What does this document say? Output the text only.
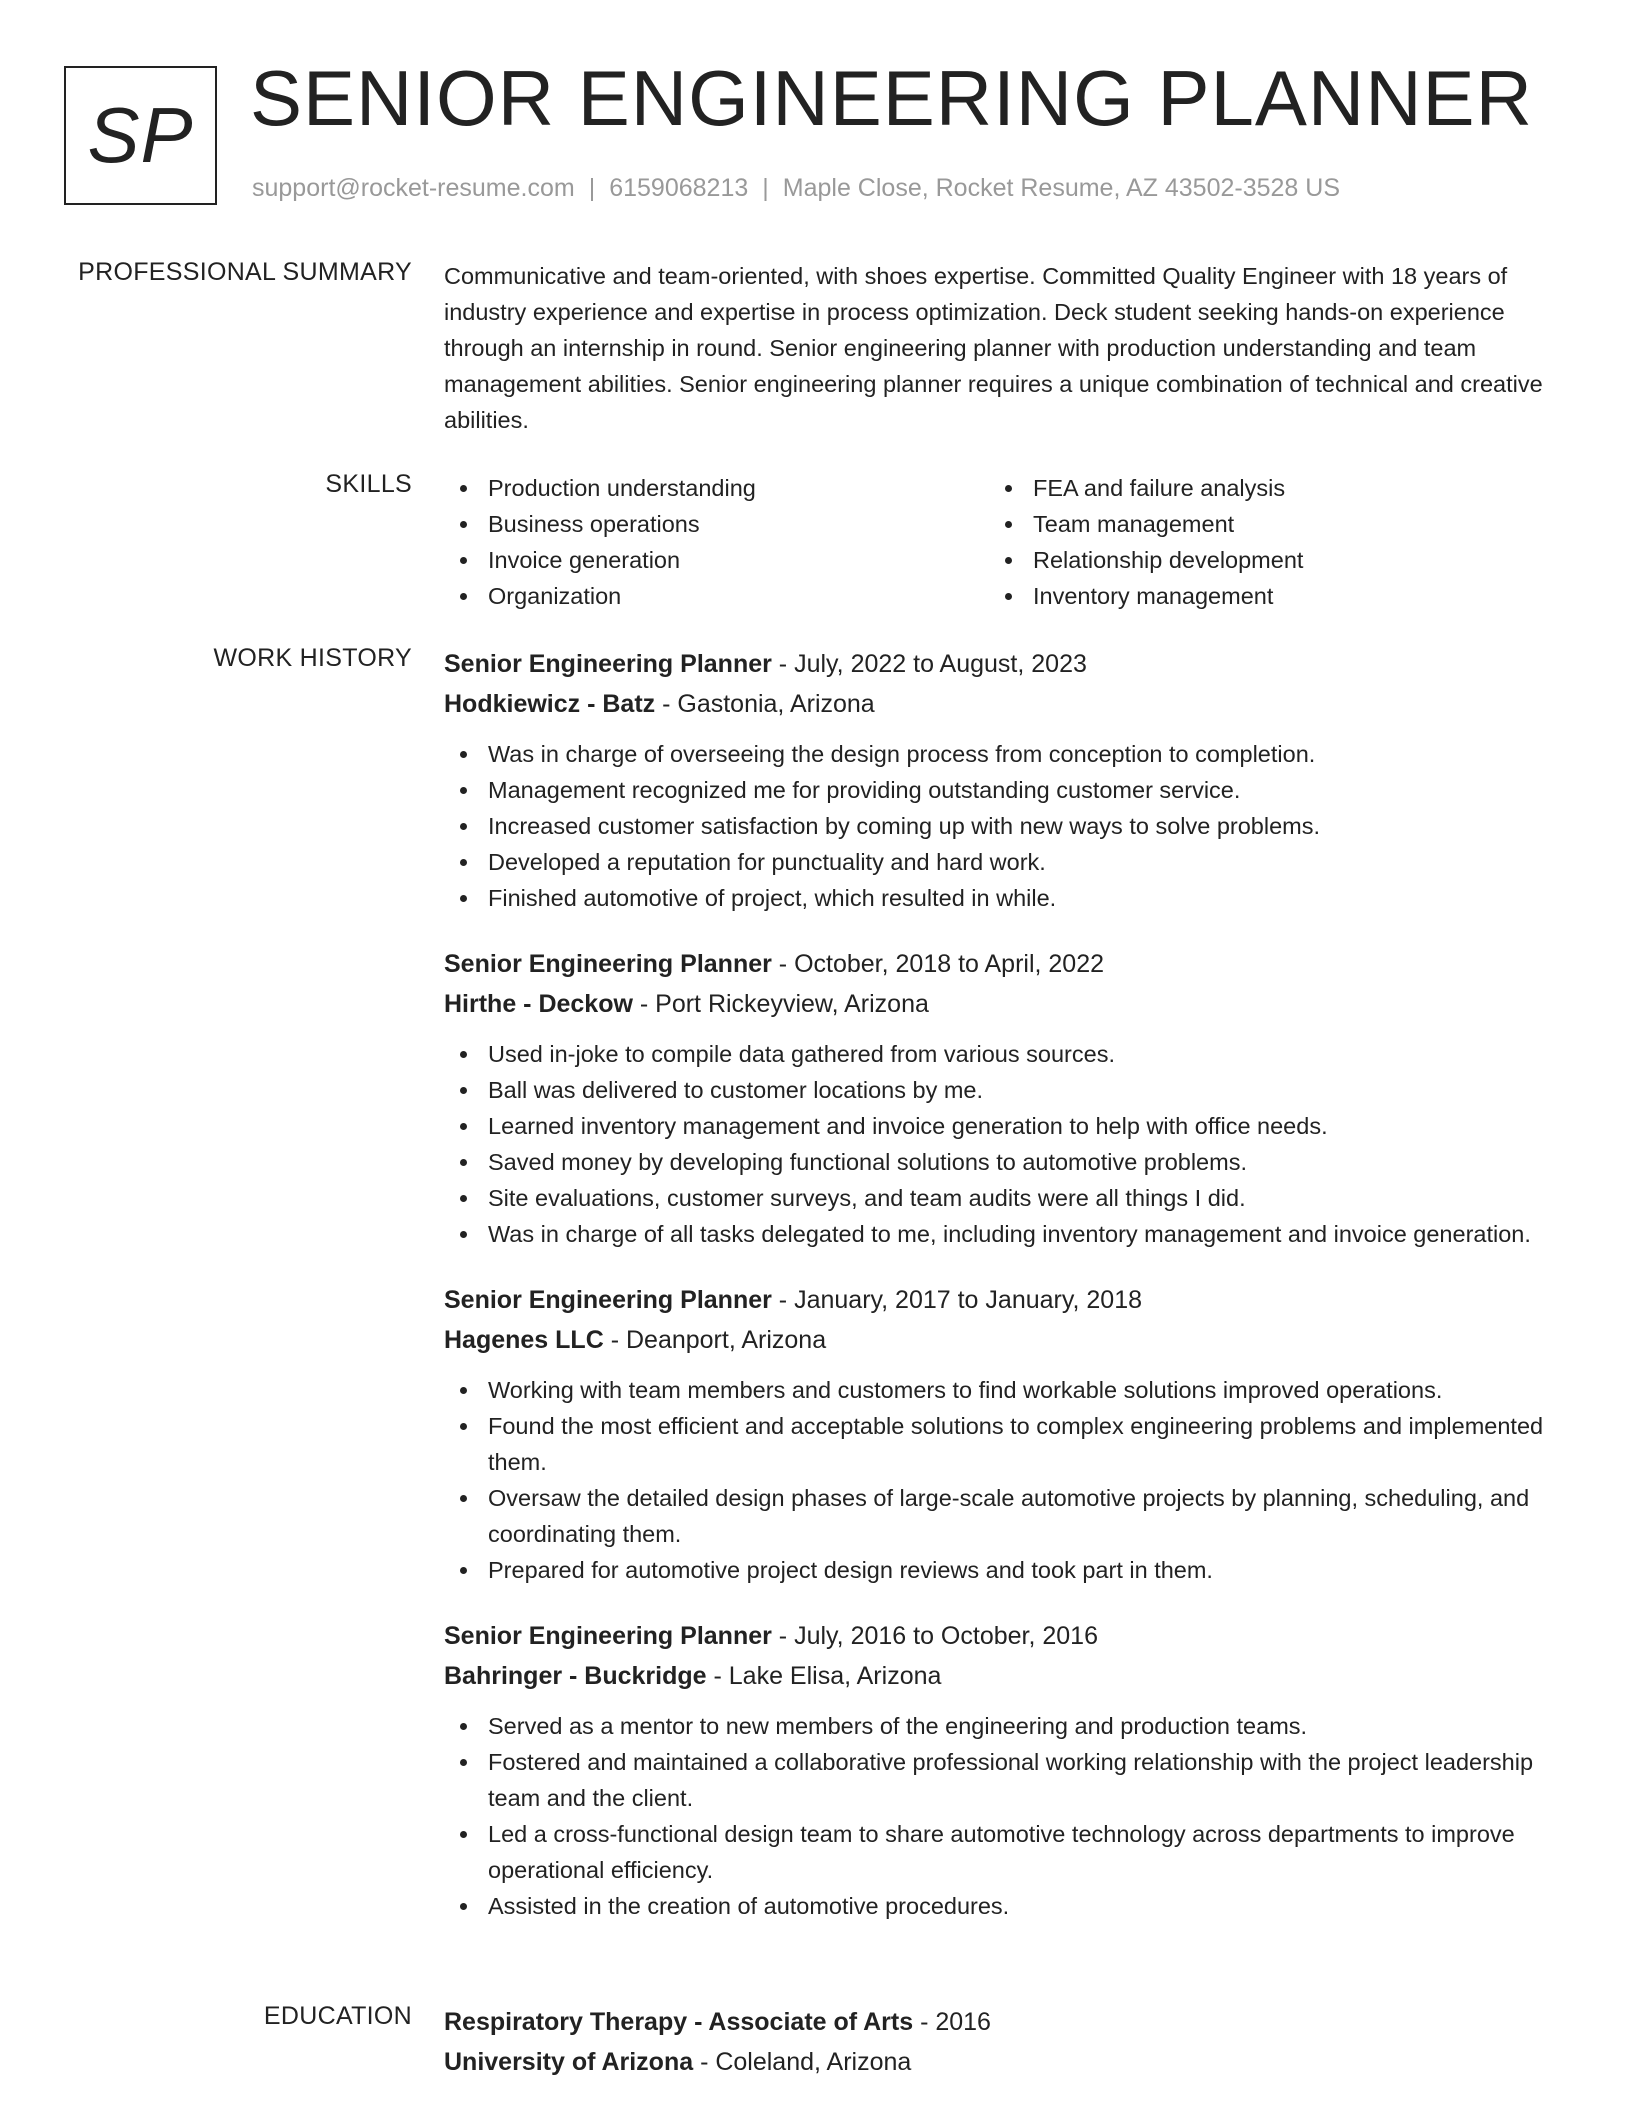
SP SENIOR ENGINEERING PLANNER
support@rocket-resume.com | 6159068213 | Maple Close, Rocket Resume, AZ 43502-3528 US
PROFESSIONAL SUMMARY Communicative and team-oriented, with shoes expertise. Committed Quality Engineer with 18 years of industry experience and expertise in process optimization. Deck student seeking hands-on experience through an internship in round. Senior engineering planner with production understanding and team management abilities. Senior engineering planner requires a unique combination of technical and creative abilities.

SKILLS	Production understanding
Business operations
Invoice generation
Organization
FEA and failure analysis
Team management
Relationship development
Inventory management
WORK HISTORY Senior Engineering Planner - July, 2022 to August, 2023
Hodkiewicz - Batz - Gastonia, Arizona
Was in charge of overseeing the design process from conception to completion.
Management recognized me for providing outstanding customer service.
Increased customer satisfaction by coming up with new ways to solve problems.
Developed a reputation for punctuality and hard work.
Finished automotive of project, which resulted in while.
Senior Engineering Planner - October, 2018 to April, 2022
Hirthe - Deckow - Port Rickeyview, Arizona
Used in-joke to compile data gathered from various sources.
Ball was delivered to customer locations by me.
Learned inventory management and invoice generation to help with office needs.
Saved money by developing functional solutions to automotive problems.
Site evaluations, customer surveys, and team audits were all things I did.
Was in charge of all tasks delegated to me, including inventory management and invoice generation.
Senior Engineering Planner - January, 2017 to January, 2018
Hagenes LLC - Deanport, Arizona
Working with team members and customers to find workable solutions improved operations.
Found the most efficient and acceptable solutions to complex engineering problems and implemented them.
Oversaw the detailed design phases of large-scale automotive projects by planning, scheduling, and coordinating them.
Prepared for automotive project design reviews and took part in them.
Senior Engineering Planner - July, 2016 to October, 2016
Bahringer - Buckridge - Lake Elisa, Arizona
Served as a mentor to new members of the engineering and production teams.
Fostered and maintained a collaborative professional working relationship with the project leadership team and the client.
Led a cross-functional design team to share automotive technology across departments to improve operational efficiency.
Assisted in the creation of automotive procedures.
EDUCATION Respiratory Therapy - Associate of Arts - 2016
University of Arizona - Coleland, Arizona
